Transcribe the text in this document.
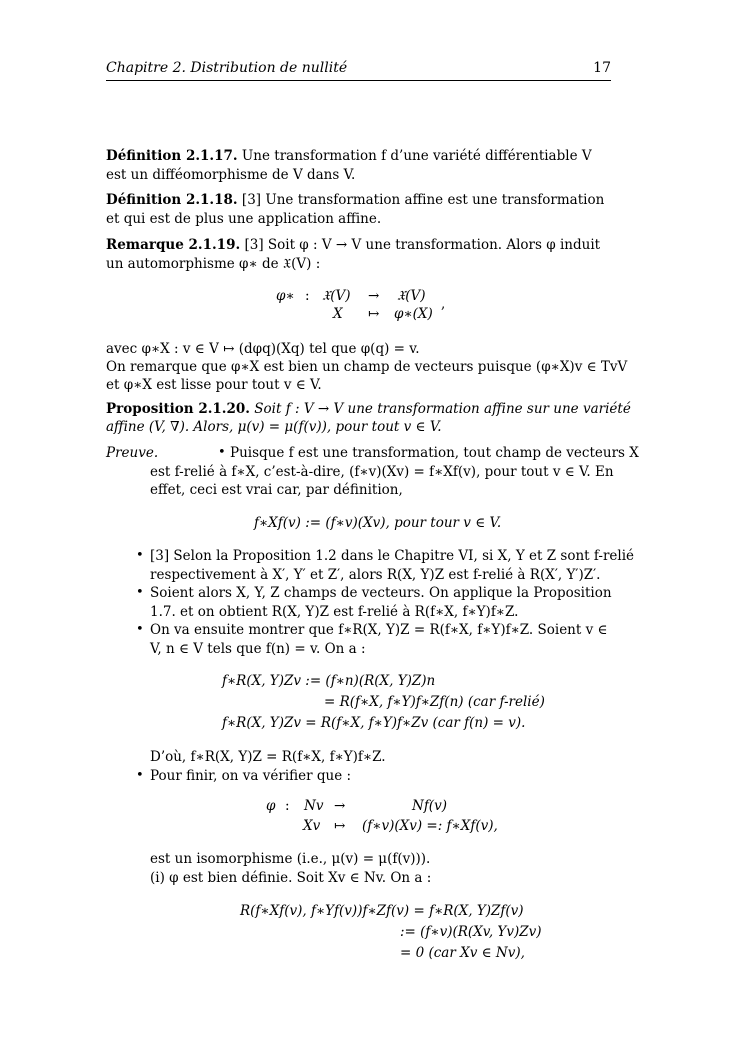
Chapitre 2. Distribution de nullité	17
Définition 2.1.17. Une transformation f d’une variété différentiable V est un difféomorphisme de V dans V.
Définition 2.1.18. [3] Une transformation affine est une transformation et qui est de plus une application affine.
Remarque 2.1.19. [3] Soit φ : V → V une transformation. Alors φ induit un automorphisme φ∗ de 𝔛(V) :
φ∗ : 𝔛(V) → 𝔛(V)
X ↦ φ∗(X)
,
avec φ∗X : v ∈ V ↦ (dφq)(Xq) tel que φ(q) = v.
On remarque que φ∗X est bien un champ de vecteurs puisque (φ∗X)v ∈ TvV
et φ∗X est lisse pour tout v ∈ V.
Proposition 2.1.20. Soit f : V → V une transformation affine sur une variété
affine (V, ∇). Alors, μ(v) = μ(f(v)), pour tout v ∈ V.
Preuve.	• Puisque f est une transformation, tout champ de vecteurs X
est f-relié à f∗X, c’est-à-dire, (f∗v)(Xv) = f∗Xf(v), pour tout v ∈ V. En
effet, ceci est vrai car, par définition,
f∗Xf(v) := (f∗v)(Xv), pour tour v ∈ V.
• [3] Selon la Proposition 1.2 dans le Chapitre VI, si X, Y et Z sont f-relié
respectivement à X′, Y′ et Z′, alors R(X, Y)Z est f-relié à R(X′, Y′)Z′.
• Soient alors X, Y, Z champs de vecteurs. On applique la Proposition
1.7. et on obtient R(X, Y)Z est f-relié à R(f∗X, f∗Y)f∗Z.
• On va ensuite montrer que f∗R(X, Y)Z = R(f∗X, f∗Y)f∗Z. Soient v ∈
V, n ∈ V tels que f(n) = v. On a :
f∗R(X, Y)Zv := (f∗n)(R(X, Y)Z)n
= R(f∗X, f∗Y)f∗Zf(n) (car f-relié)
f∗R(X, Y)Zv = R(f∗X, f∗Y)f∗Zv (car f(n) = v).
D’où, f∗R(X, Y)Z = R(f∗X, f∗Y)f∗Z.
• Pour finir, on va vérifier que :
φ : Nv →	Nf(v)
Xv ↦ (f∗v)(Xv) =: f∗Xf(v),
est un isomorphisme (i.e., μ(v) = μ(f(v))).
(i) φ est bien définie. Soit Xv ∈ Nv. On a :
R(f∗Xf(v), f∗Yf(v))f∗Zf(v) = f∗R(X, Y)Zf(v)
:= (f∗v)(R(Xv, Yv)Zv)
= 0 (car Xv ∈ Nv),
